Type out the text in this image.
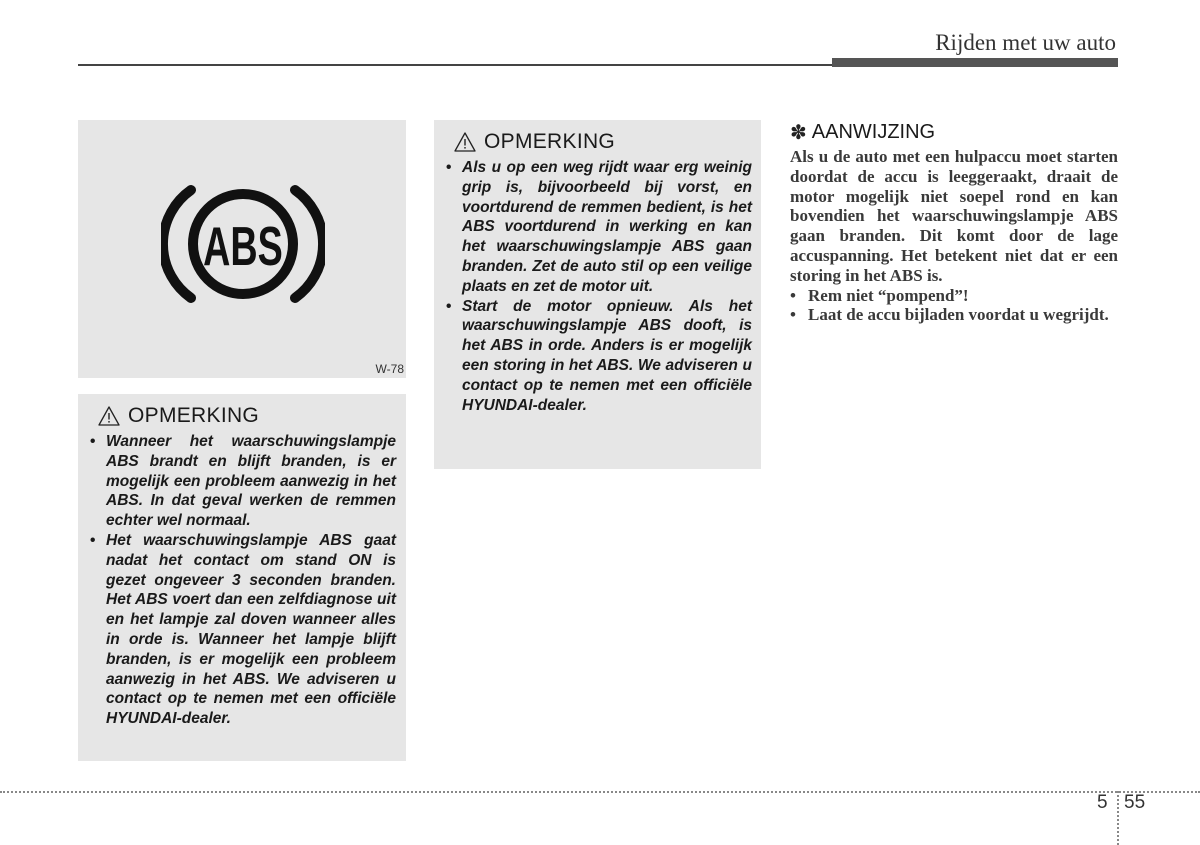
Rijden met uw auto
ABS
W-78
OPMERKING
• Wanneer het waarschuwingslampje ABS brandt en blijft branden, is er mogelijk een probleem aanwezig in het ABS. In dat geval werken de remmen echter wel normaal.
• Het waarschuwingslampje ABS gaat nadat het contact om stand ON is gezet ongeveer 3 seconden branden. Het ABS voert dan een zelfdiagnose uit en het lampje zal doven wanneer alles in orde is. Wanneer het lampje blijft branden, is er mogelijk een probleem aanwezig in het ABS. We adviseren u contact op te nemen met een officiële HYUNDAI-dealer.
OPMERKING
• Als u op een weg rijdt waar erg weinig grip is, bijvoorbeeld bij vorst, en voortdurend de remmen bedient, is het ABS voortdurend in werking en kan het waarschuwingslampje ABS gaan branden. Zet de auto stil op een veilige plaats en zet de motor uit.
• Start de motor opnieuw. Als het waarschuwingslampje ABS dooft, is het ABS in orde. Anders is er mogelijk een storing in het ABS. We adviseren u contact op te nemen met een officiële HYUNDAI-dealer.
✽ AANWIJZING

Als u de auto met een hulpaccu moet starten doordat de accu is leeggeraakt, draait de motor mogelijk niet soepel rond en kan bovendien het waarschuwingslampje ABS gaan branden. Dit komt door de lage accuspanning. Het betekent niet dat er een storing in het ABS is.

• Rem niet “pompend”!
• Laat de accu bijladen voordat u wegrijdt.
5 55
